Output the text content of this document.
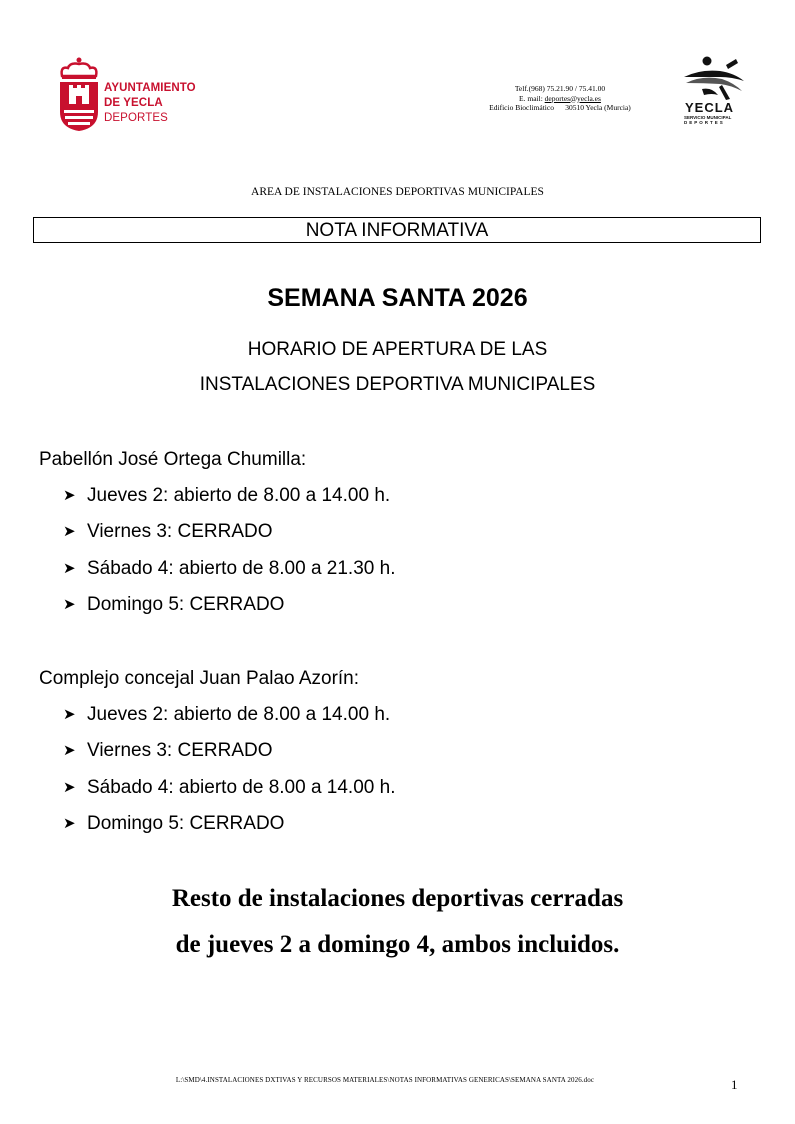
AYUNTAMIENTO
DE YECLA
DEPORTES
Telf.(968) 75.21.90 / 75.41.00
E. mail: deportes@yecla.es
Edificio Bioclimático      30510 Yecla (Murcia)	YECLA
SERVICIO MUNICIPAL
DEPORTES
AREA DE INSTALACIONES DEPORTIVAS MUNICIPALES
NOTA INFORMATIVA
SEMANA SANTA 2026
HORARIO DE APERTURA DE LAS
INSTALACIONES DEPORTIVA MUNICIPALES
Pabellón José Ortega Chumilla:
➤ Jueves 2: abierto de 8.00 a 14.00 h.
➤ Viernes 3: CERRADO
➤ Sábado 4: abierto de 8.00 a 21.30 h.
➤ Domingo 5: CERRADO
Complejo concejal Juan Palao Azorín:
➤ Jueves 2: abierto de 8.00 a 14.00 h.
➤ Viernes 3: CERRADO
➤ Sábado 4: abierto de 8.00 a 14.00 h.
➤ Domingo 5: CERRADO
Resto de instalaciones deportivas cerradas
de jueves 2 a domingo 4, ambos incluidos.
L:\SMD\4.INSTALACIONES DXTIVAS Y RECURSOS MATERIALES\NOTAS INFORMATIVAS GENERICAS\SEMANA SANTA 2026.doc	1
